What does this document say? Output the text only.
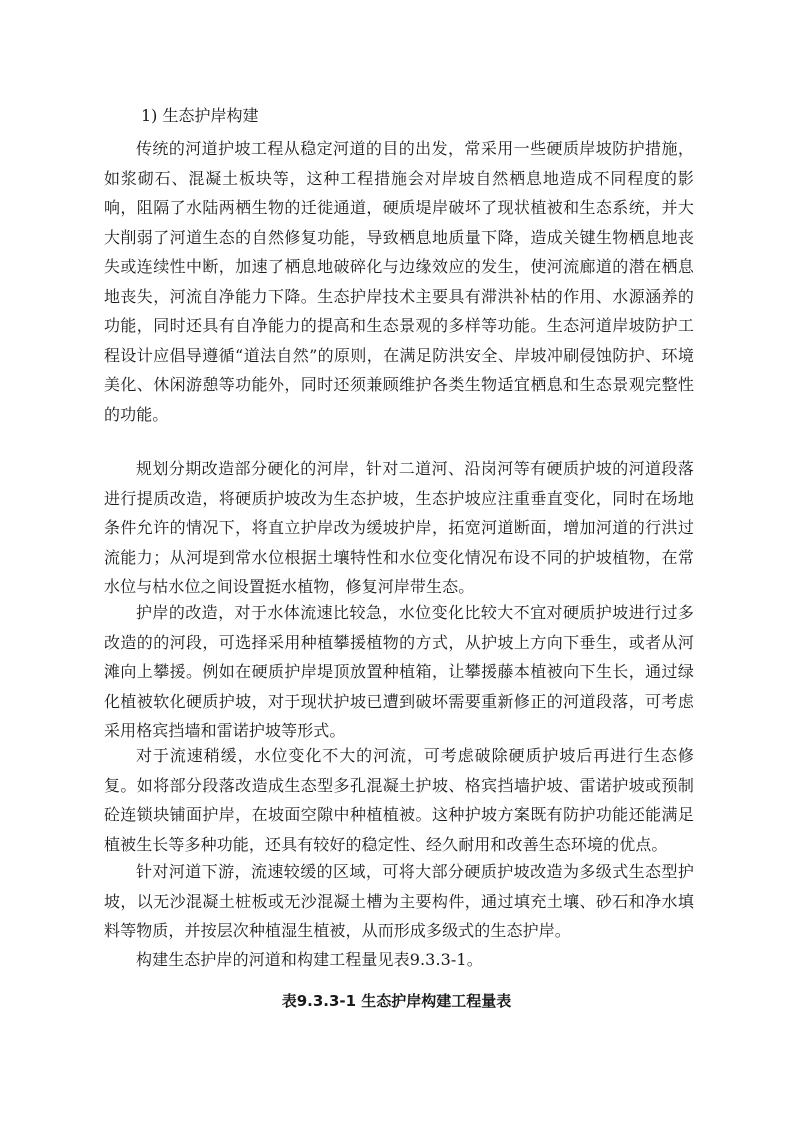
1) 生态护岸构建

传统的河道护坡工程从稳定河道的目的出发，常采用一些硬质岸坡防护措施，如浆砌石、混凝土板块等，这种工程措施会对岸坡自然栖息地造成不同程度的影响，阻隔了水陆两栖生物的迁徙通道，硬质堤岸破坏了现状植被和生态系统，并大大削弱了河道生态的自然修复功能，导致栖息地质量下降，造成关键生物栖息地丧失或连续性中断，加速了栖息地破碎化与边缘效应的发生，使河流廊道的潜在栖息地丧失，河流自净能力下降。生态护岸技术主要具有滞洪补枯的作用、水源涵养的功能，同时还具有自净能力的提高和生态景观的多样等功能。生态河道岸坡防护工程设计应倡导遵循“道法自然”的原则，在满足防洪安全、岸坡冲刷侵蚀防护、环境美化、休闲游憩等功能外，同时还须兼顾维护各类生物适宜栖息和生态景观完整性的功能。

规划分期改造部分硬化的河岸，针对二道河、沿岗河等有硬质护坡的河道段落进行提质改造，将硬质护坡改为生态护坡，生态护坡应注重垂直变化，同时在场地条件允许的情况下，将直立护岸改为缓坡护岸，拓宽河道断面，增加河道的行洪过流能力；从河堤到常水位根据土壤特性和水位变化情况布设不同的护坡植物，在常水位与枯水位之间设置挺水植物，修复河岸带生态。

护岸的改造，对于水体流速比较急，水位变化比较大不宜对硬质护坡进行过多改造的的河段，可选择采用种植攀援植物的方式，从护坡上方向下垂生，或者从河滩向上攀援。例如在硬质护岸堤顶放置种植箱，让攀援藤本植被向下生长，通过绿化植被软化硬质护坡，对于现状护坡已遭到破坏需要重新修正的河道段落，可考虑采用格宾挡墙和雷诺护坡等形式。

对于流速稍缓，水位变化不大的河流，可考虑破除硬质护坡后再进行生态修复。如将部分段落改造成生态型多孔混凝土护坡、格宾挡墙护坡、雷诺护坡或预制砼连锁块铺面护岸，在坡面空隙中种植植被。这种护坡方案既有防护功能还能满足植被生长等多种功能，还具有较好的稳定性、经久耐用和改善生态环境的优点。

针对河道下游，流速较缓的区域，可将大部分硬质护坡改造为多级式生态型护坡，以无沙混凝土桩板或无沙混凝土槽为主要构件，通过填充土壤、砂石和净水填料等物质，并按层次种植湿生植被，从而形成多级式的生态护岸。

构建生态护岸的河道和构建工程量见表9.3.3-1。

表9.3.3-1 生态护岸构建工程量表
